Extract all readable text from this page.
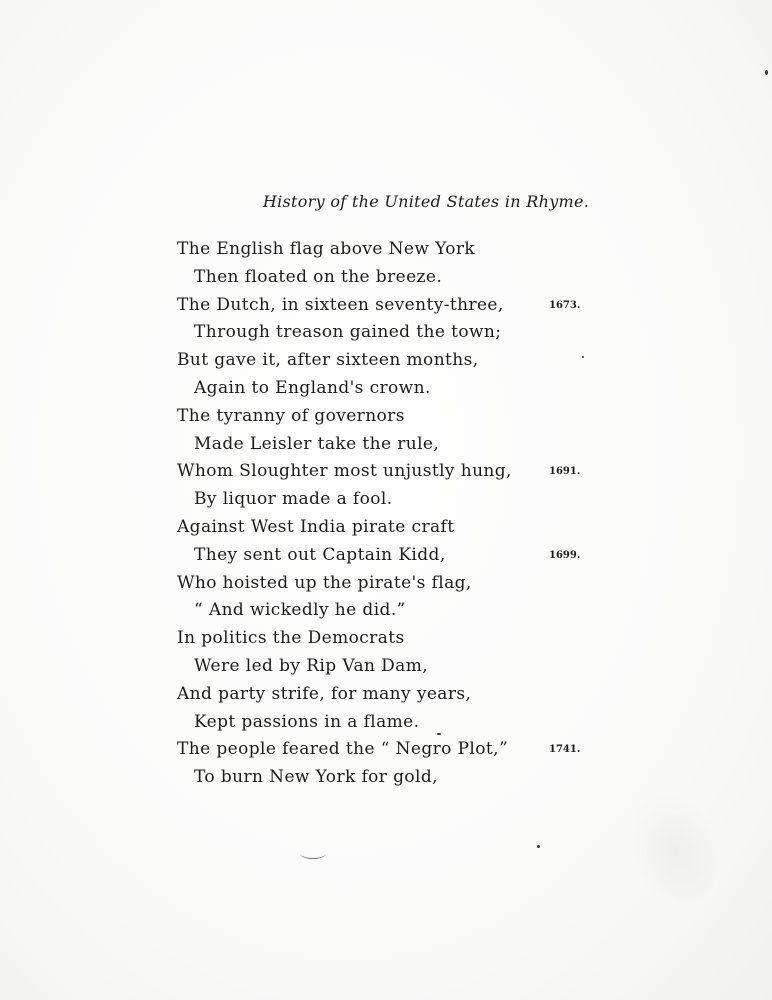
History of the United States in Rhyme.
The English flag above New York
Then floated on the breeze.
The Dutch, in sixteen seventy-three,	1673.
Through treason gained the town;
But gave it, after sixteen months,
Again to England's crown.
The tyranny of governors
Made Leisler take the rule,
Whom Sloughter most unjustly hung,	1691.
By liquor made a fool.
Against West India pirate craft
They sent out Captain Kidd,	1699.
Who hoisted up the pirate's flag,
“ And wickedly he did.”
In politics the Democrats
Were led by Rip Van Dam,
And party strife, for many years,
Kept passions in a flame.
The people feared the “ Negro Plot,”	1741.
To burn New York for gold,
